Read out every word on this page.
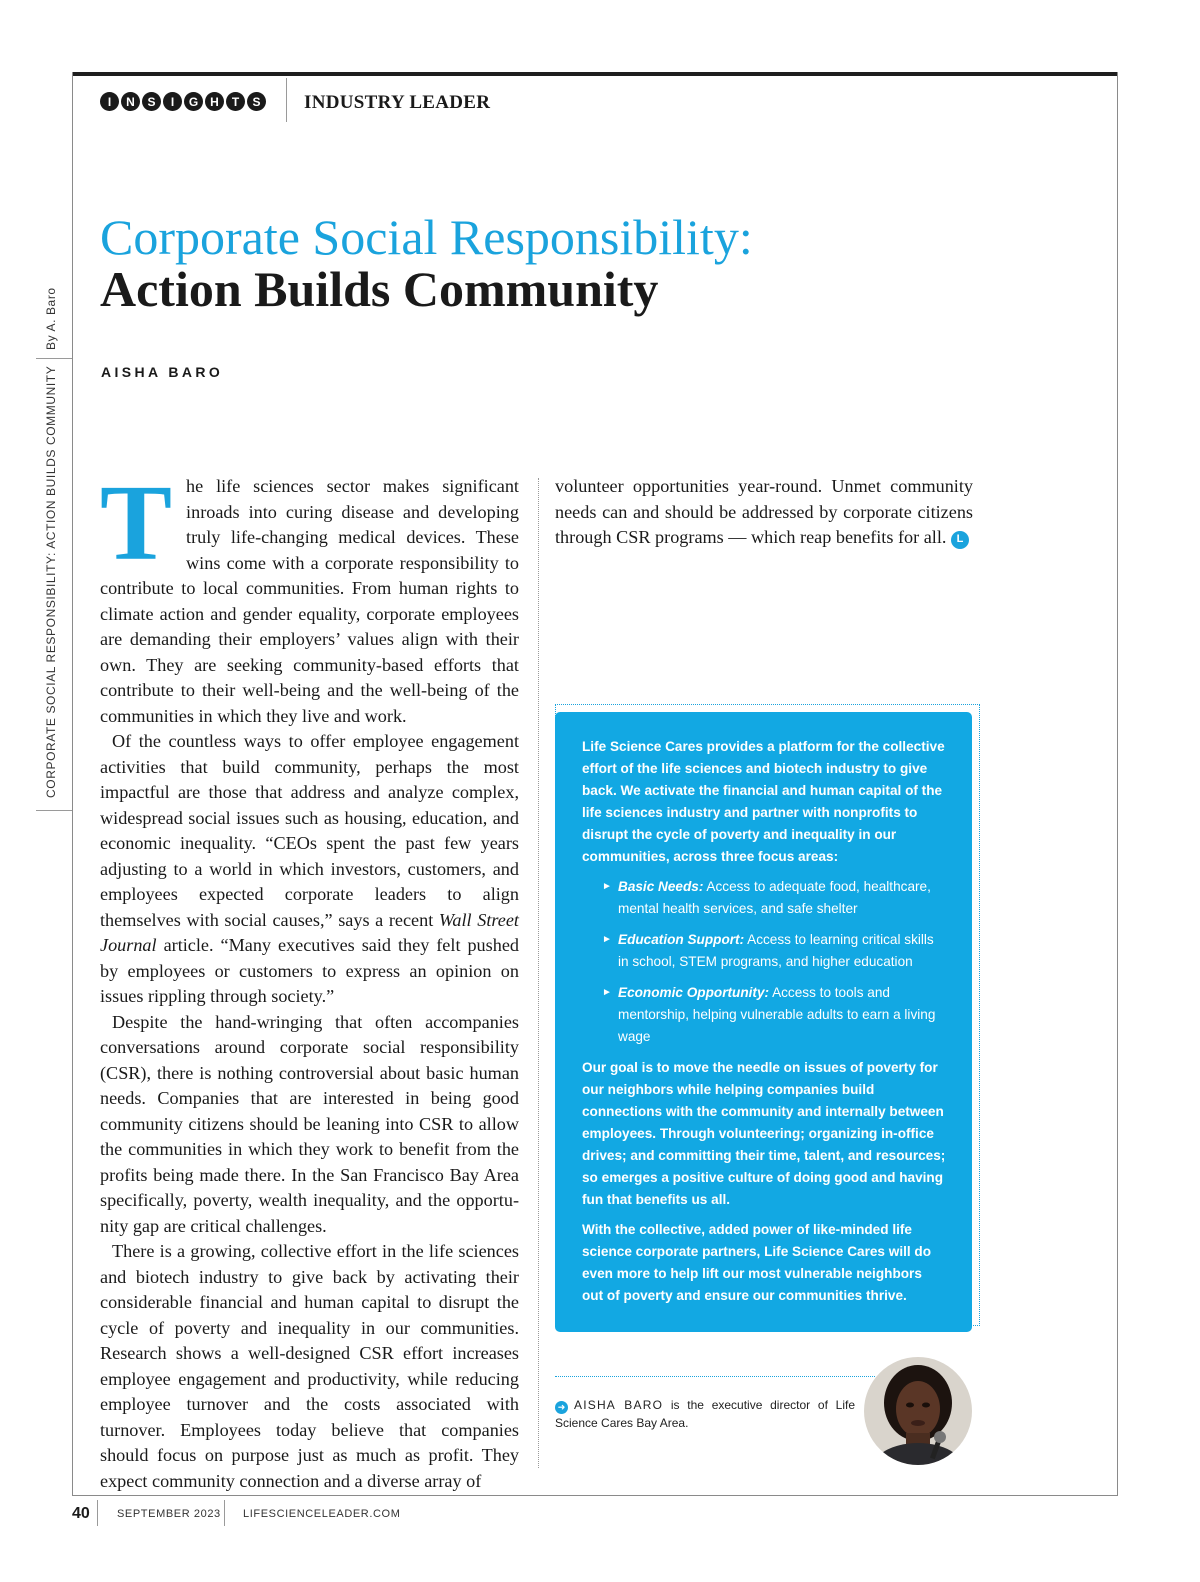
I	N	S	I	G H	T	S INDUSTRY LEADER
By A. Baro
CORPORATE SOCIAL RESPONSIBILITY: ACTION BUILDS COMMUNITY
Corporate Social Responsibility:
Action Builds Community
AISHA BARO

The life sciences sector makes significant inroads into curing disease and developing truly life-changing medical devices. These wins come with a corporate responsibility to contribute to local communities. From human rights to climate action and gender equality, corporate employees are demanding their employers’ values align with their own. They are seeking community-based efforts that contribute to their well-being and the well-being of the communities in which they live and work.

Of the countless ways to offer employee engagement activities that build community, perhaps the most impactful are those that address and analyze complex, widespread social issues such as housing, education, and economic inequality. “CEOs spent the past few years adjusting to a world in which investors, customers, and employees expected corporate leaders to align themselves with social causes,” says a recent Wall Street Journal article. “Many executives said they felt pushed by employees or customers to express an opinion on issues rippling through society.”

Despite the hand-wringing that often accompanies conversations around corporate social responsibility (CSR), there is nothing controversial about basic human needs. Companies that are interested in being good community citizens should be leaning into CSR to allow the communities in which they work to benefit from the profits being made there. In the San Francisco Bay Area specifically, poverty, wealth inequality, and the opportunity gap are critical challenges.

There is a growing, collective effort in the life sciences and biotech industry to give back by activating their considerable financial and human capital to disrupt the cycle of poverty and inequality in our communities. Research shows a well-designed CSR effort increases employee engagement and productivity, while reducing employee turnover and the costs associated with turnover. Employees today believe that companies should focus on purpose just as much as profit. They expect community connection and a diverse array of

volunteer opportunities year-round. Unmet community needs can and should be addressed by corporate citizens through CSR programs — which reap benefits for all. L

Life Science Cares provides a platform for the collective effort of the life sciences and biotech industry to give back. We activate the financial and human capital of the life sciences industry and partner with nonprofits to disrupt the cycle of poverty and inequality in our communities, across three focus areas:

► Basic Needs: Access to adequate food, healthcare, mental health services, and safe shelter
► Education Support: Access to learning critical skills in school, STEM programs, and higher education
► Economic Opportunity: Access to tools and mentorship, helping vulnerable adults to earn a living wage

Our goal is to move the needle on issues of poverty for our neighbors while helping companies build connections with the community and internally between employees. Through volunteering; organizing in-office drives; and committing their time, talent, and resources; so emerges a positive culture of doing good and having fun that benefits us all.

With the collective, added power of like-minded life science corporate partners, Life Science Cares will do even more to help lift our most vulnerable neighbors out of poverty and ensure our communities thrive.

➜ AISHA BARO is the executive director of Life Science Cares Bay Area.
40 SEPTEMBER 2023 LIFESCIENCELEADER.COM
